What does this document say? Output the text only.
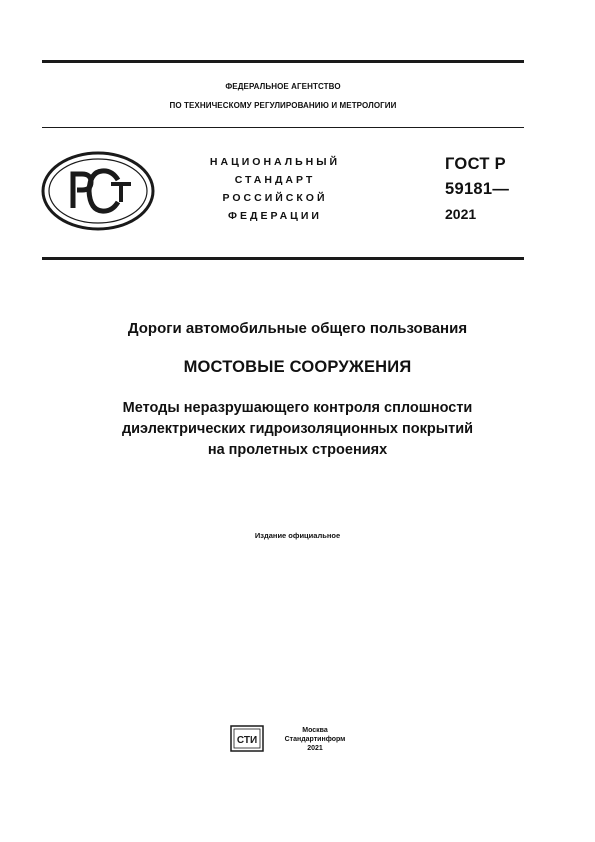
ФЕДЕРАЛЬНОЕ АГЕНТСТВО
ПО ТЕХНИЧЕСКОМУ РЕГУЛИРОВАНИЮ И МЕТРОЛОГИИ
НАЦИОНАЛЬНЫЙ
СТАНДАРТ
РОССИЙСКОЙ
ФЕДЕРАЦИИ
ГОСТ Р
59181—
2021
Дороги автомобильные общего пользования
МОСТОВЫЕ СООРУЖЕНИЯ
Методы неразрушающего контроля сплошности
диэлектрических гидроизоляционных покрытий
на пролетных строениях
Издание официальное
СТИ
Москва
Стандартинформ
2021
